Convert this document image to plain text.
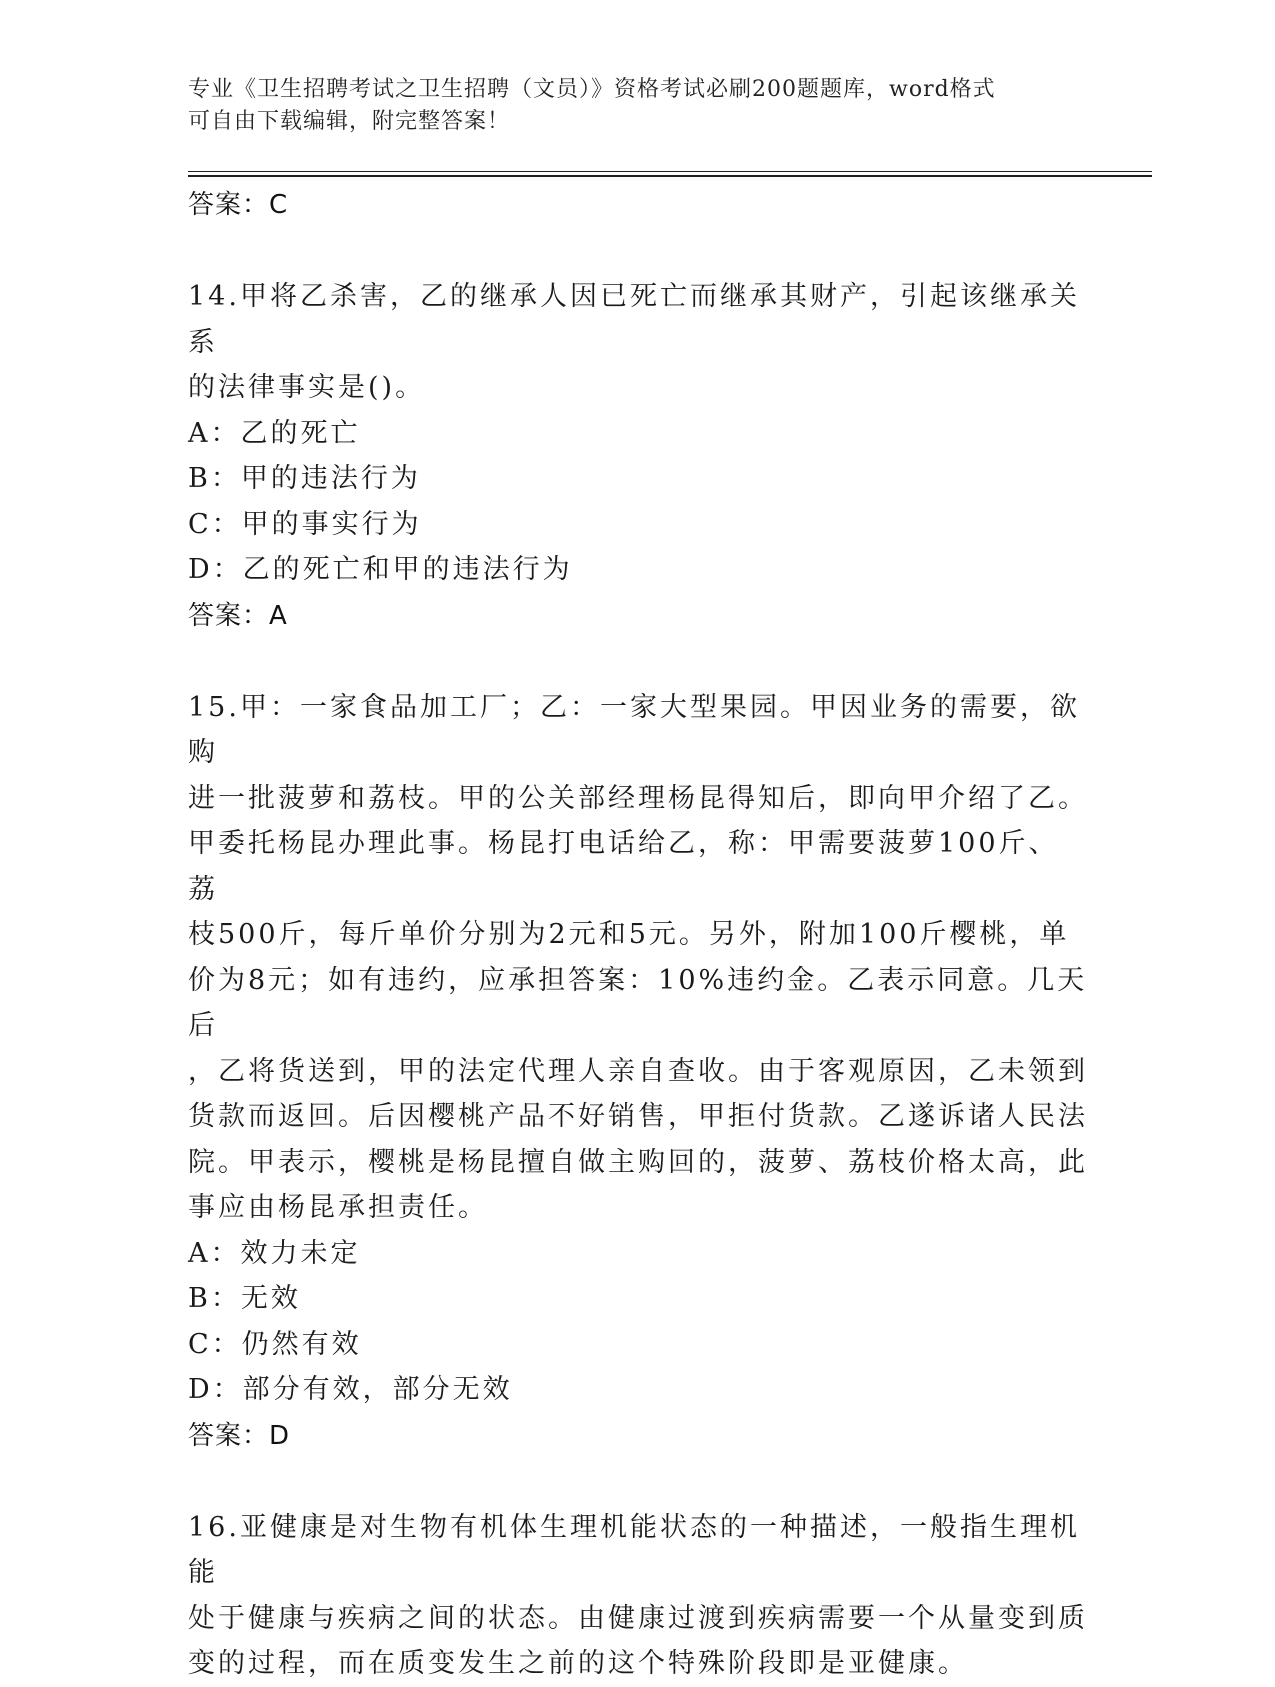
专业《卫生招聘考试之卫生招聘（文员）》资格考试必刷200题题库，word格式
可自由下载编辑，附完整答案！
答案：C
14.甲将乙杀害，乙的继承人因已死亡而继承其财产，引起该继承关系
的法律事实是()。
A：乙的死亡
B：甲的违法行为
C：甲的事实行为
D：乙的死亡和甲的违法行为
答案：A
15.甲：一家食品加工厂；乙：一家大型果园。甲因业务的需要，欲购
进一批菠萝和荔枝。甲的公关部经理杨昆得知后，即向甲介绍了乙。
甲委托杨昆办理此事。杨昆打电话给乙，称：甲需要菠萝100斤、荔
枝500斤，每斤单价分别为2元和5元。另外，附加100斤樱桃，单
价为8元；如有违约，应承担答案：10%违约金。乙表示同意。几天后
，乙将货送到，甲的法定代理人亲自查收。由于客观原因，乙未领到
货款而返回。后因樱桃产品不好销售，甲拒付货款。乙遂诉诸人民法
院。甲表示，樱桃是杨昆擅自做主购回的，菠萝、荔枝价格太高，此
事应由杨昆承担责任。
A：效力未定
B：无效
C：仍然有效
D：部分有效，部分无效
答案：D
16.亚健康是对生物有机体生理机能状态的一种描述，一般指生理机能
处于健康与疾病之间的状态。由健康过渡到疾病需要一个从量变到质
变的过程，而在质变发生之前的这个特殊阶段即是亚健康。
